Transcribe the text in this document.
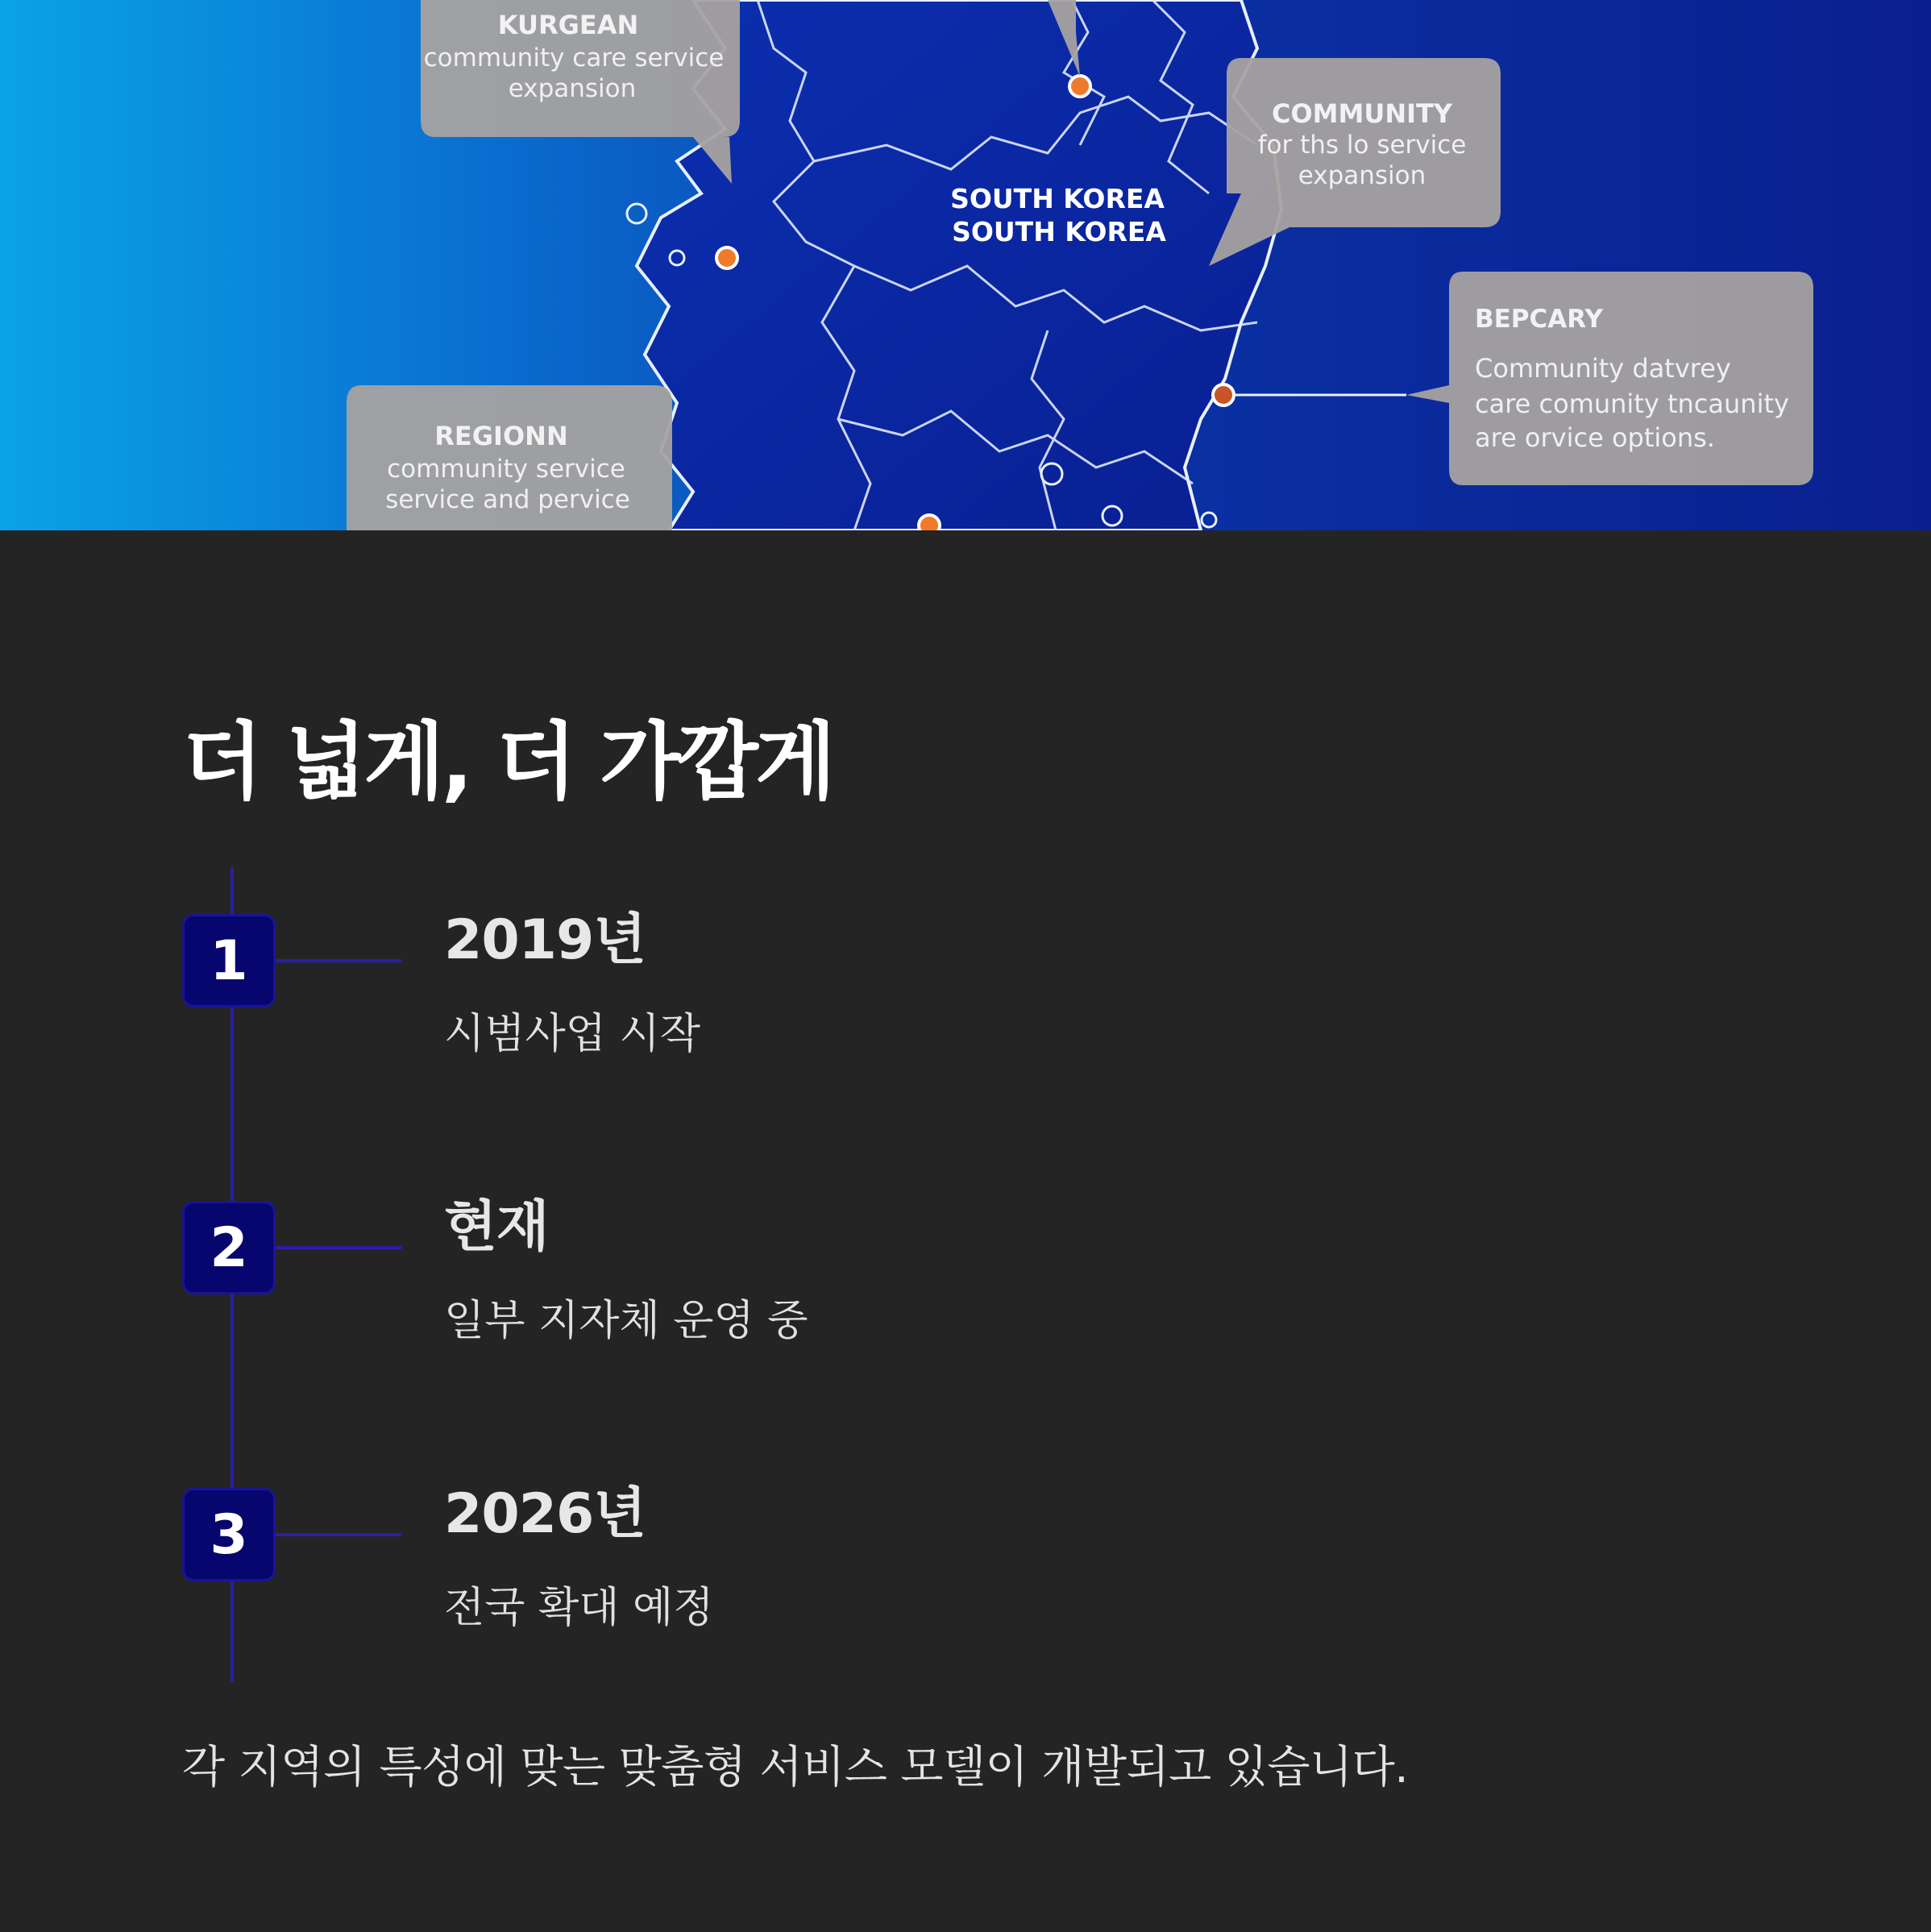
SOUTH KOREA
SOUTH KOREA
KURGEAN
community care service
expansion
COMMUNITY
for ths lo service
expansion
BEPCARY
Community datvrey
care comunity tncaunity
are orvice options.
REGIONN
community service
service and pervice
더 넓게, 더 가깝게
1	2019년

시범사업 시작

2	현재

일부 지자체 운영 중

3	2026년

전국 확대 예정

각 지역의 특성에 맞는 맞춤형 서비스 모델이 개발되고 있습니다.
